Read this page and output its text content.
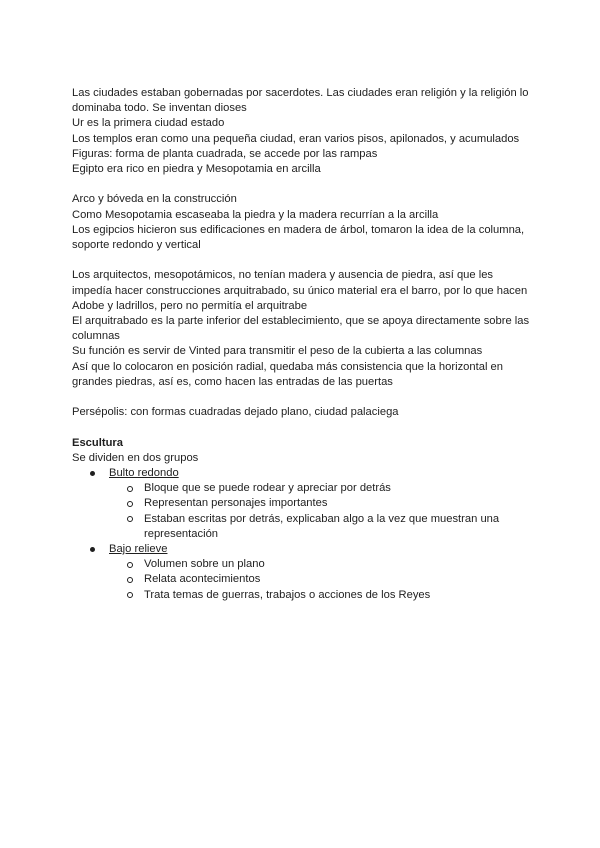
Las ciudades estaban gobernadas por sacerdotes. Las ciudades eran religión y la religión lo dominaba todo. Se inventan dioses

Ur es la primera ciudad estado

Los templos eran como una pequeña ciudad, eran varios pisos, apilonados, y acumulados

Figuras: forma de planta cuadrada, se accede por las rampas

Egipto era rico en piedra y Mesopotamia en arcilla

Arco y bóveda en la construcción

Como Mesopotamia escaseaba la piedra y la madera recurrían a la arcilla

Los egipcios hicieron sus edificaciones en madera de árbol, tomaron la idea de la columna, soporte redondo y vertical

Los arquitectos, mesopotámicos, no tenían madera y ausencia de piedra, así que les impedía hacer construcciones arquitrabado, su único material era el barro, por lo que hacen Adobe y ladrillos, pero no permitía el arquitrabe

El arquitrabado es la parte inferior del establecimiento, que se apoya directamente sobre las columnas

Su función es servir de Vinted para transmitir el peso de la cubierta a las columnas

Así que lo colocaron en posición radial, quedaba más consistencia que la horizontal en grandes piedras, así es, como hacen las entradas de las puertas

Persépolis: con formas cuadradas dejado plano, ciudad palaciega

Escultura

Se dividen en dos grupos

Bulto redondo
Bloque que se puede rodear y apreciar por detrás
Representan personajes importantes
Estaban escritas por detrás, explicaban algo a la vez que muestran una representación
Bajo relieve
Volumen sobre un plano
Relata acontecimientos
Trata temas de guerras, trabajos o acciones de los Reyes
